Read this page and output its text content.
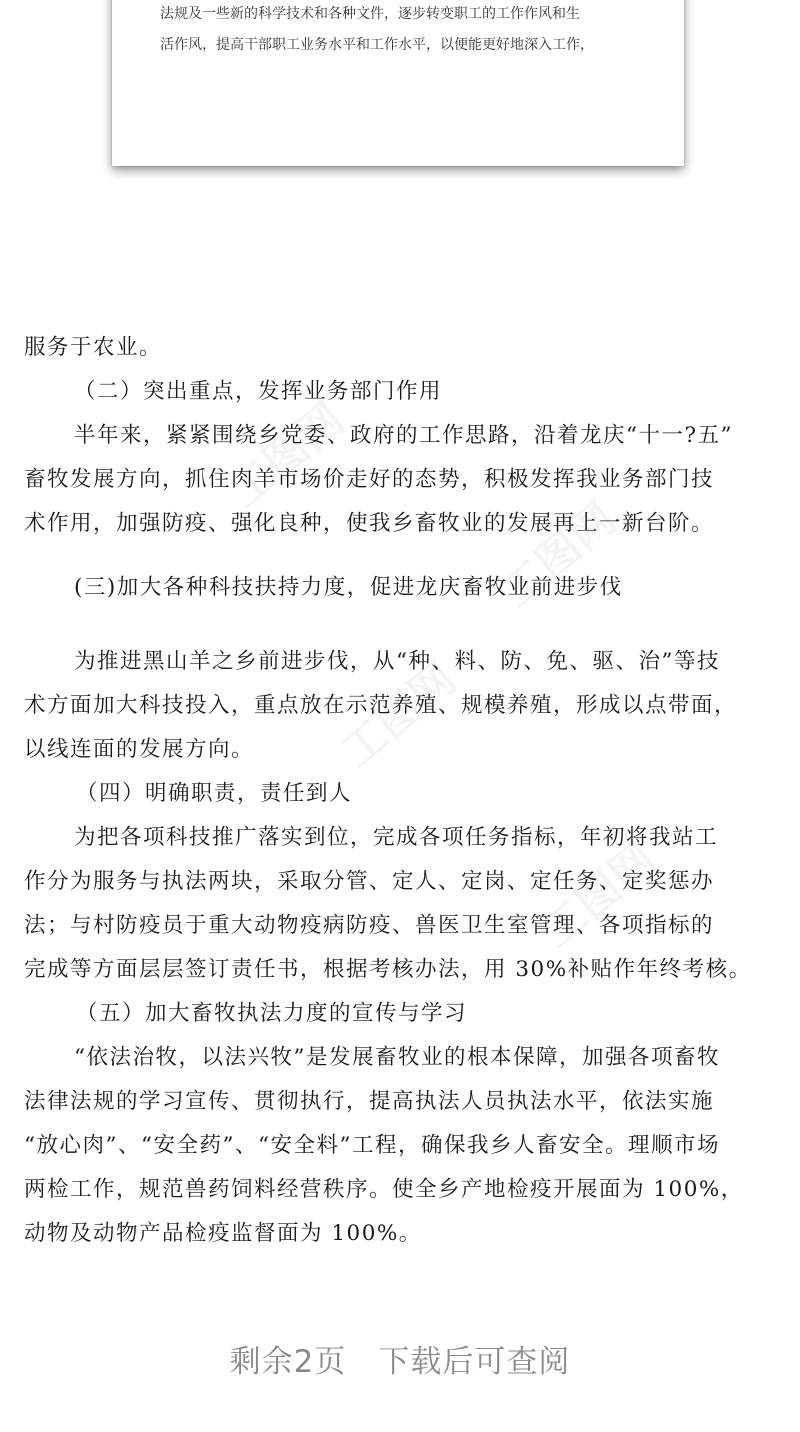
法规及一些新的科学技术和各种文件，逐步转变职工的工作作风和生
活作风，提高干部职工业务水平和工作水平，以便能更好地深入工作，
服务于农业。
（二）突出重点，发挥业务部门作用
半年来，紧紧围绕乡党委、政府的工作思路，沿着龙庆“十一?五”
畜牧发展方向，抓住肉羊市场价走好的态势，积极发挥我业务部门技
术作用，加强防疫、强化良种，使我乡畜牧业的发展再上一新台阶。
(三)加大各种科技扶持力度，促进龙庆畜牧业前进步伐
为推进黑山羊之乡前进步伐，从“种、料、防、免、驱、治”等技
术方面加大科技投入，重点放在示范养殖、规模养殖，形成以点带面，
以线连面的发展方向。
（四）明确职责，责任到人
为把各项科技推广落实到位，完成各项任务指标，年初将我站工
作分为服务与执法两块，采取分管、定人、定岗、定任务、定奖惩办
法；与村防疫员于重大动物疫病防疫、兽医卫生室管理、各项指标的
完成等方面层层签订责任书，根据考核办法，用 30%补贴作年终考核。
（五）加大畜牧执法力度的宣传与学习
“依法治牧，以法兴牧”是发展畜牧业的根本保障，加强各项畜牧
法律法规的学习宣传、贯彻执行，提高执法人员执法水平，依法实施
“放心肉”、“安全药”、“安全料”工程，确保我乡人畜安全。理顺市场
两检工作，规范兽药饲料经营秩序。使全乡产地检疫开展面为 100%，
动物及动物产品检疫监督面为 100%。
剩余2页 下载后可查阅
